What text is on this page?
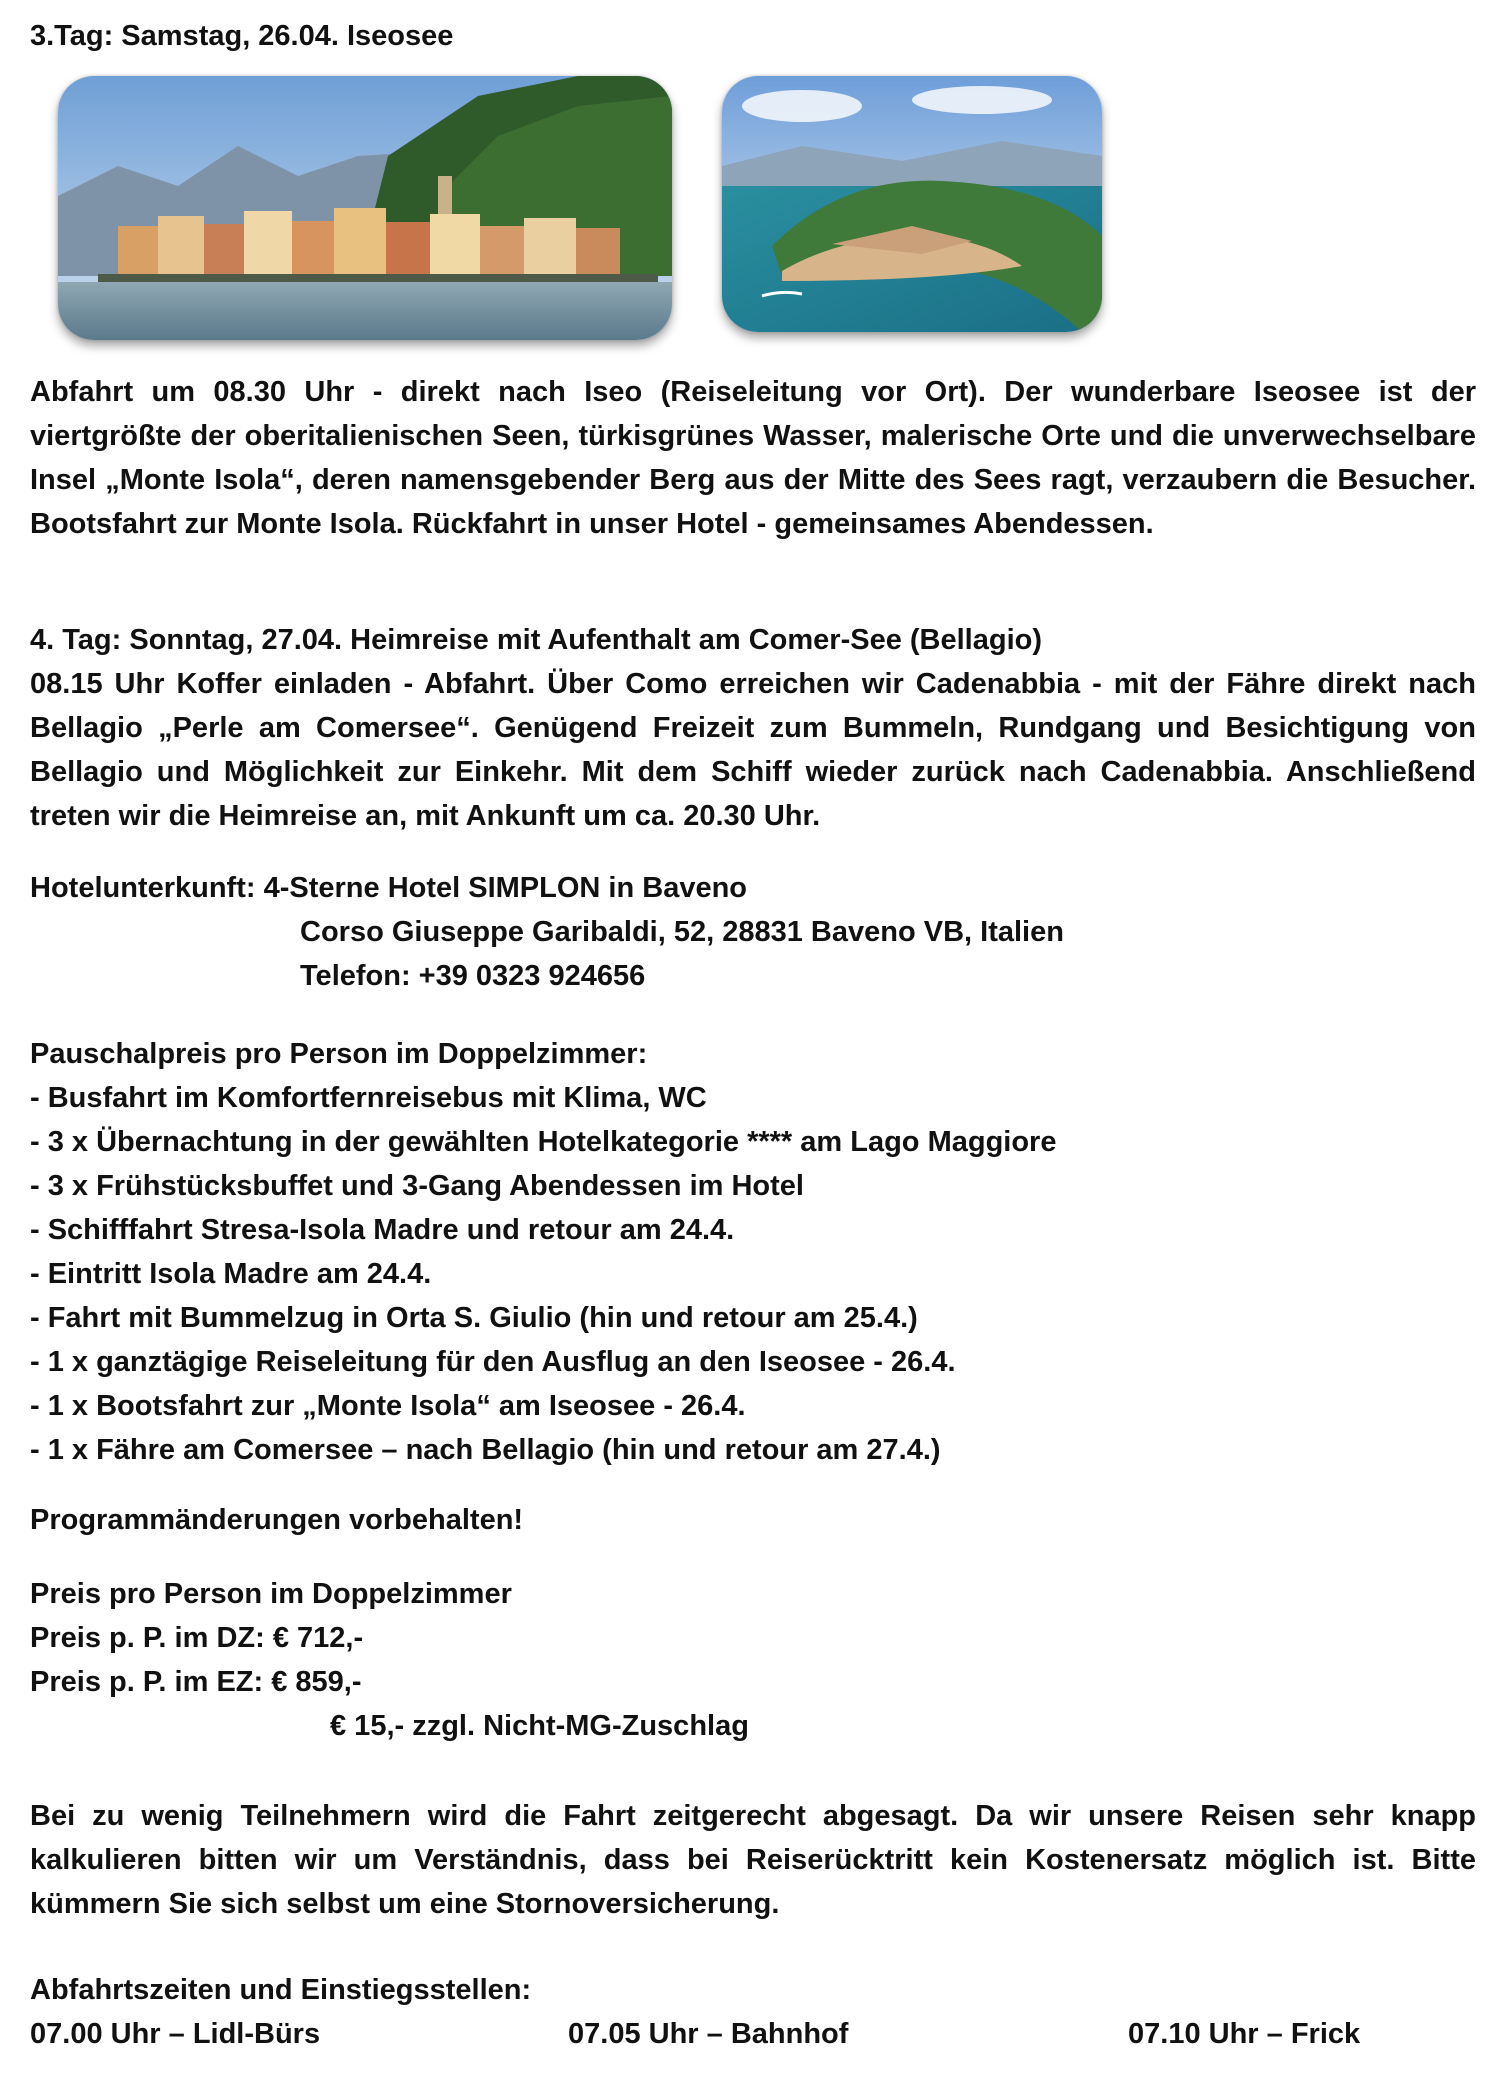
3.Tag: Samstag, 26.04. Iseosee

Abfahrt um 08.30 Uhr - direkt nach Iseo (Reiseleitung vor Ort). Der wunderbare Iseosee ist der viertgrößte der oberitalienischen Seen, türkisgrünes Wasser, malerische Orte und die unverwechselbare Insel „Monte Isola“, deren namensgebender Berg aus der Mitte des Sees ragt, verzaubern die Besucher. Bootsfahrt zur Monte Isola. Rückfahrt in unser Hotel - gemeinsames Abendessen.

4. Tag: Sonntag, 27.04. Heimreise mit Aufenthalt am Comer-See (Bellagio)

08.15 Uhr Koffer einladen - Abfahrt. Über Como erreichen wir Cadenabbia - mit der Fähre direkt nach Bellagio „Perle am Comersee“. Genügend Freizeit zum Bummeln, Rundgang und Besichtigung von Bellagio und Möglichkeit zur Einkehr. Mit dem Schiff wieder zurück nach Cadenabbia. Anschließend treten wir die Heimreise an, mit Ankunft um ca. 20.30 Uhr.

Hotelunterkunft: 4-Sterne Hotel SIMPLON in Baveno
Corso Giuseppe Garibaldi, 52, 28831 Baveno VB, Italien
Telefon: +39 0323 924656
Pauschalpreis pro Person im Doppelzimmer:
- Busfahrt im Komfortfernreisebus mit Klima, WC
- 3 x Übernachtung in der gewählten Hotelkategorie **** am Lago Maggiore
- 3 x Frühstücksbuffet und 3-Gang Abendessen im Hotel
- Schifffahrt Stresa-Isola Madre und retour am 24.4.
- Eintritt Isola Madre am 24.4.
- Fahrt mit Bummelzug in Orta S. Giulio (hin und retour am 25.4.)
- 1 x ganztägige Reiseleitung für den Ausflug an den Iseosee - 26.4.
- 1 x Bootsfahrt zur „Monte Isola“ am Iseosee - 26.4.
- 1 x Fähre am Comersee – nach Bellagio (hin und retour am 27.4.)

Programmänderungen vorbehalten!

Preis pro Person im Doppelzimmer
Preis p. P. im DZ: € 712,-
Preis p. P. im EZ: € 859,-
€ 15,- zzgl. Nicht-MG-Zuschlag

Bei zu wenig Teilnehmern wird die Fahrt zeitgerecht abgesagt. Da wir unsere Reisen sehr knapp kalkulieren bitten wir um Verständnis, dass bei Reiserücktritt kein Kostenersatz möglich ist. Bitte kümmern Sie sich selbst um eine Stornoversicherung.

Abfahrtszeiten und Einstiegsstellen:

07.00 Uhr – Lidl-Bürs	07.05 Uhr – Bahnhof	07.10 Uhr – Frick
